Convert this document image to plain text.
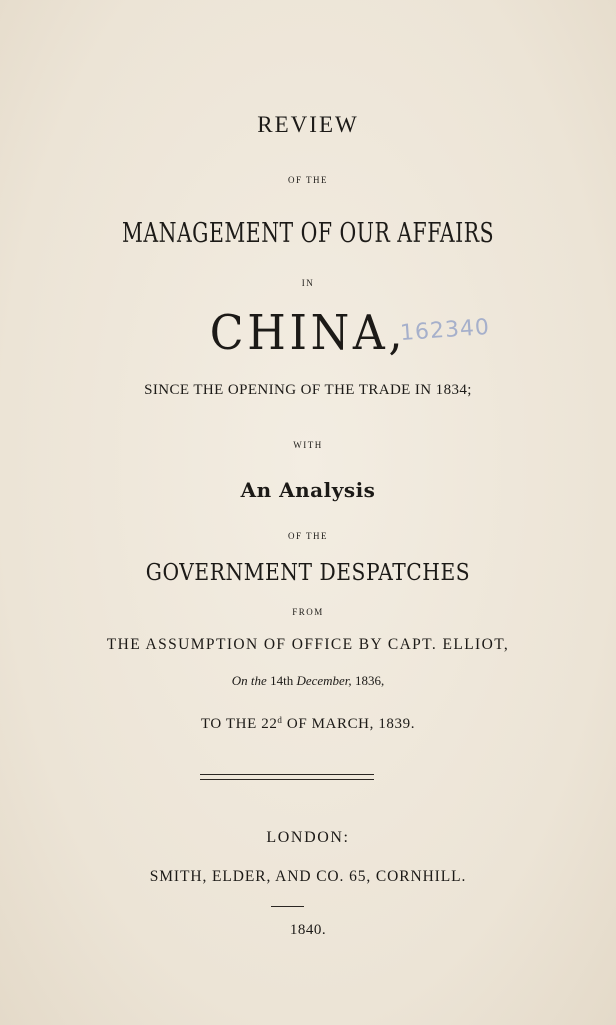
REVIEW
OF THE
MANAGEMENT OF OUR AFFAIRS
IN
CHINA,
162340
SINCE THE OPENING OF THE TRADE IN 1834;
WITH
An Analysis
OF THE
GOVERNMENT DESPATCHES
FROM
THE ASSUMPTION OF OFFICE BY CAPT. ELLIOT,
On the 14th December, 1836,
TO THE 22$^d$ OF MARCH, 1839.
LONDON:
SMITH, ELDER, AND CO. 65, CORNHILL.
1840.
